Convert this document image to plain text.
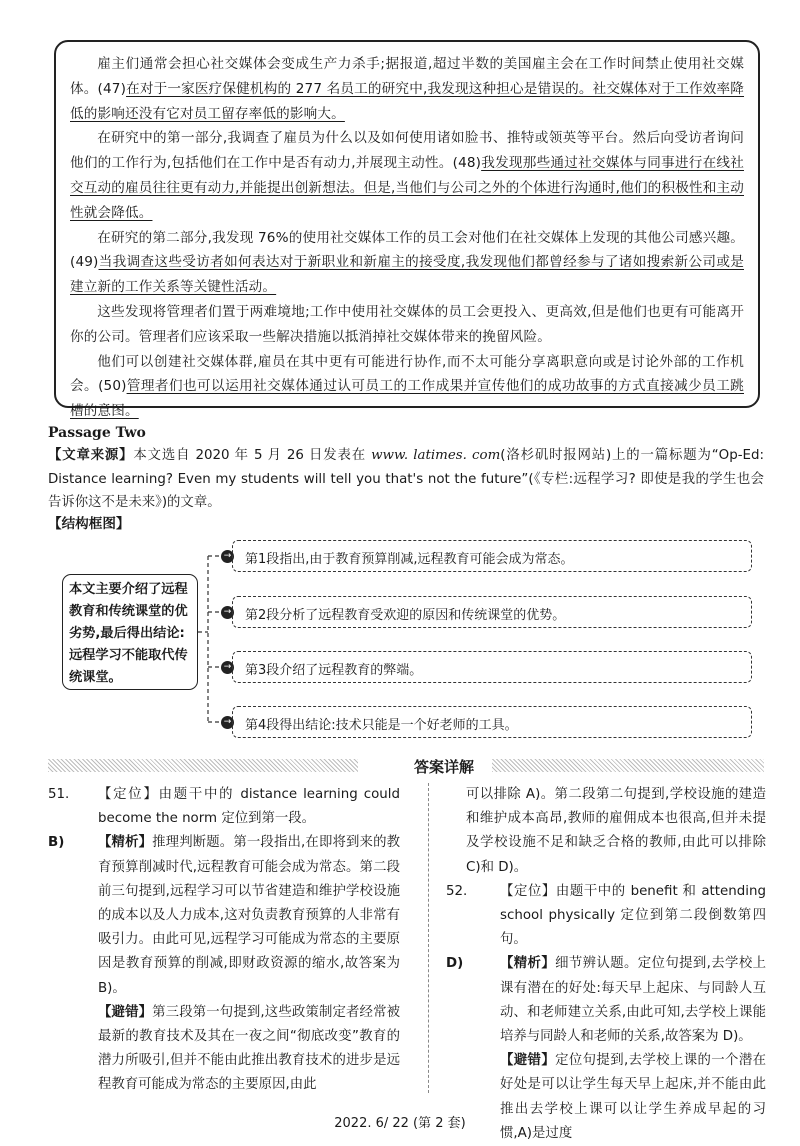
雇主们通常会担心社交媒体会变成生产力杀手;据报道,超过半数的美国雇主会在工作时间禁止使用社交媒体。(47)在对于一家医疗保健机构的 277 名员工的研究中,我发现这种担心是错误的。社交媒体对于工作效率降低的影响还没有它对员工留存率低的影响大。

在研究中的第一部分,我调查了雇员为什么以及如何使用诸如脸书、推特或领英等平台。然后向受访者询问他们的工作行为,包括他们在工作中是否有动力,并展现主动性。(48)我发现那些通过社交媒体与同事进行在线社交互动的雇员往往更有动力,并能提出创新想法。但是,当他们与公司之外的个体进行沟通时,他们的积极性和主动性就会降低。

在研究的第二部分,我发现 76%的使用社交媒体工作的员工会对他们在社交媒体上发现的其他公司感兴趣。(49)当我调查这些受访者如何表达对于新职业和新雇主的接受度,我发现他们都曾经参与了诸如搜索新公司或是建立新的工作关系等关键性活动。

这些发现将管理者们置于两难境地;工作中使用社交媒体的员工会更投入、更高效,但是他们也更有可能离开你的公司。管理者们应该采取一些解决措施以抵消掉社交媒体带来的挽留风险。

他们可以创建社交媒体群,雇员在其中更有可能进行协作,而不太可能分享离职意向或是讨论外部的工作机会。(50)管理者们也可以运用社交媒体通过认可员工的工作成果并宣传他们的成功故事的方式直接减少员工跳槽的意图。

Passage Two
【文章来源】本文选自 2020 年 5 月 26 日发表在 www. latimes. com(洛杉矶时报网站)上的一篇标题为“Op-Ed: Distance learning? Even my students will tell you that's not the future”(《专栏:远程学习? 即使是我的学生也会告诉你这不是未来》)的文章。
【结构框图】
本文主要介绍了远程教育和传统课堂的优劣势,最后得出结论:远程学习不能取代传统课堂。
→	第1段指出,由于教育预算削减,远程教育可能会成为常态。
→	第2段分析了远程教育受欢迎的原因和传统课堂的优势。
→	第3段介绍了远程教育的弊端。
→	第4段得出结论:技术只能是一个好老师的工具。
答案详解
51. 【定位】由题干中的 distance learning could become the norm 定位到第一段。
B)	【精析】推理判断题。第一段指出,在即将到来的教育预算削减时代,远程教育可能会成为常态。第二段前三句提到,远程学习可以节省建造和维护学校设施的成本以及人力成本,这对负责教育预算的人非常有吸引力。由此可见,远程学习可能成为常态的主要原因是教育预算的削减,即财政资源的缩水,故答案为 B)。
【避错】第三段第一句提到,这些政策制定者经常被最新的教育技术及其在一夜之间“彻底改变”教育的潜力所吸引,但并不能由此推出教育技术的进步是远程教育可能成为常态的主要原因,由此
可以排除 A)。第二段第二句提到,学校设施的建造和维护成本高昂,教师的雇佣成本也很高,但并未提及学校设施不足和缺乏合格的教师,由此可以排除 C)和 D)。
52. 【定位】由题干中的 benefit 和 attending school physically 定位到第二段倒数第四句。
D)	【精析】细节辨认题。定位句提到,去学校上课有潜在的好处:每天早上起床、与同龄人互动、和老师建立关系,由此可知,去学校上课能培养与同龄人和老师的关系,故答案为 D)。
【避错】定位句提到,去学校上课的一个潜在好处是可以让学生每天早上起床,并不能由此推出去学校上课可以让学生养成早起的习惯,A)是过度
2022. 6/ 22 (第 2 套)
